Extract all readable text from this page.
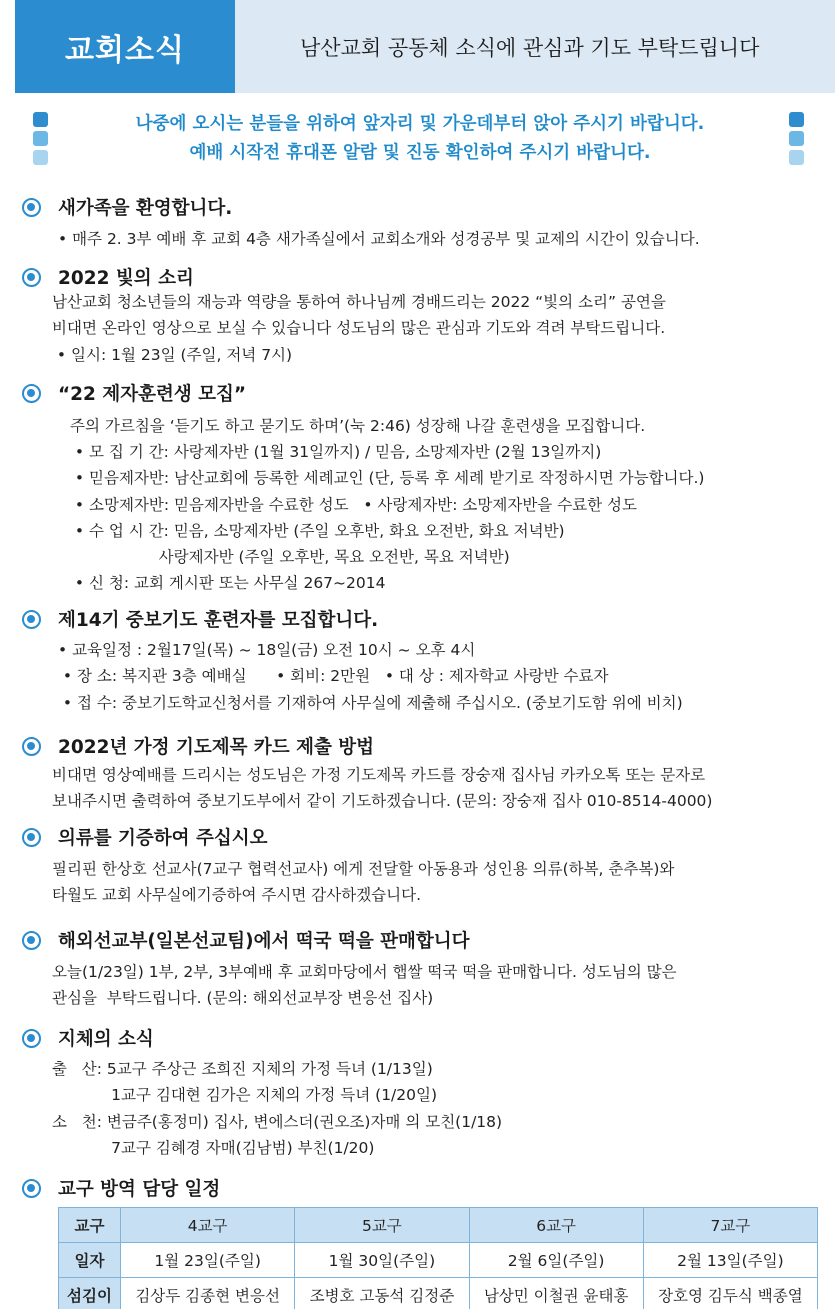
교회소식	남산교회 공동체 소식에 관심과 기도 부탁드립니다
나중에 오시는 분들을 위하여 앞자리 및 가운데부터 앉아 주시기 바랍니다.
예배 시작전 휴대폰 알람 및 진동 확인하여 주시기 바랍니다.
새가족을 환영합니다.
• 매주 2. 3부 예배 후 교회 4층 새가족실에서 교회소개와 성경공부 및 교제의 시간이 있습니다.
2022 빛의 소리
남산교회 청소년들의 재능과 역량을 통하여 하나님께 경배드리는 2022 “빛의 소리” 공연을
비대면 온라인 영상으로 보실 수 있습니다 성도님의 많은 관심과 기도와 격려 부탁드립니다.
• 일시: 1월 23일 (주일, 저녁 7시)
“22 제자훈련생 모집”
주의 가르침을 ‘듣기도 하고 묻기도 하며’(눅 2:46) 성장해 나갈 훈련생을 모집합니다.
• 모 집 기 간: 사랑제자반 (1월 31일까지) / 믿음, 소망제자반 (2월 13일까지)
• 믿음제자반: 남산교회에 등록한 세례교인 (단, 등록 후 세례 받기로 작정하시면 가능합니다.)
• 소망제자반: 믿음제자반을 수료한 성도   • 사랑제자반: 소망제자반을 수료한 성도
• 수 업 시 간: 믿음, 소망제자반 (주일 오후반, 화요 오전반, 화요 저녁반)
사랑제자반 (주일 오후반, 목요 오전반, 목요 저녁반)
• 신 청: 교회 게시판 또는 사무실 267~2014
제14기 중보기도 훈련자를 모집합니다.
• 교육일정 : 2월17일(목) ~ 18일(금) 오전 10시 ~ 오후 4시
• 장 소: 복지관 3층 예배실      • 회비: 2만원   • 대 상 : 제자학교 사랑반 수료자
• 접 수: 중보기도학교신청서를 기재하여 사무실에 제출해 주십시오. (중보기도함 위에 비치)
2022년 가정 기도제목 카드 제출 방법
비대면 영상예배를 드리시는 성도님은 가정 기도제목 카드를 장숭재 집사님 카카오톡 또는 문자로
보내주시면 출력하여 중보기도부에서 같이 기도하겠습니다. (문의: 장숭재 집사 010-8514-4000)
의류를 기증하여 주십시오
필리핀 한상호 선교사(7교구 협력선교사) 에게 전달할 아동용과 성인용 의류(하복, 춘추복)와
타월도 교회 사무실에기증하여 주시면 감사하겠습니다.
해외선교부(일본선교팀)에서 떡국 떡을 판매합니다
오늘(1/23일) 1부, 2부, 3부예배 후 교회마당에서 햅쌀 떡국 떡을 판매합니다. 성도님의 많은
관심을  부탁드립니다. (문의: 해외선교부장 변응선 집사)
지체의 소식
출   산: 5교구 주상근 조희진 지체의 가정 득녀 (1/13일)
1교구 김대현 김가은 지체의 가정 득녀 (1/20일)
소   천: 변금주(홍정미) 집사, 변에스더(권오조)자매 의 모친(1/18)
7교구 김혜경 자매(김남범) 부친(1/20)
교구 방역 담당 일정
교구	4교구	5교구	6교구	7교구
일자	1월 23일(주일)	1월 30일(주일)	2월 6일(주일)	2월 13일(주일)
섬김이	김상두 김종현 변응선	조병호 고동석 김정준	남상민 이철권 윤태홍	장호영 김두식 백종열
